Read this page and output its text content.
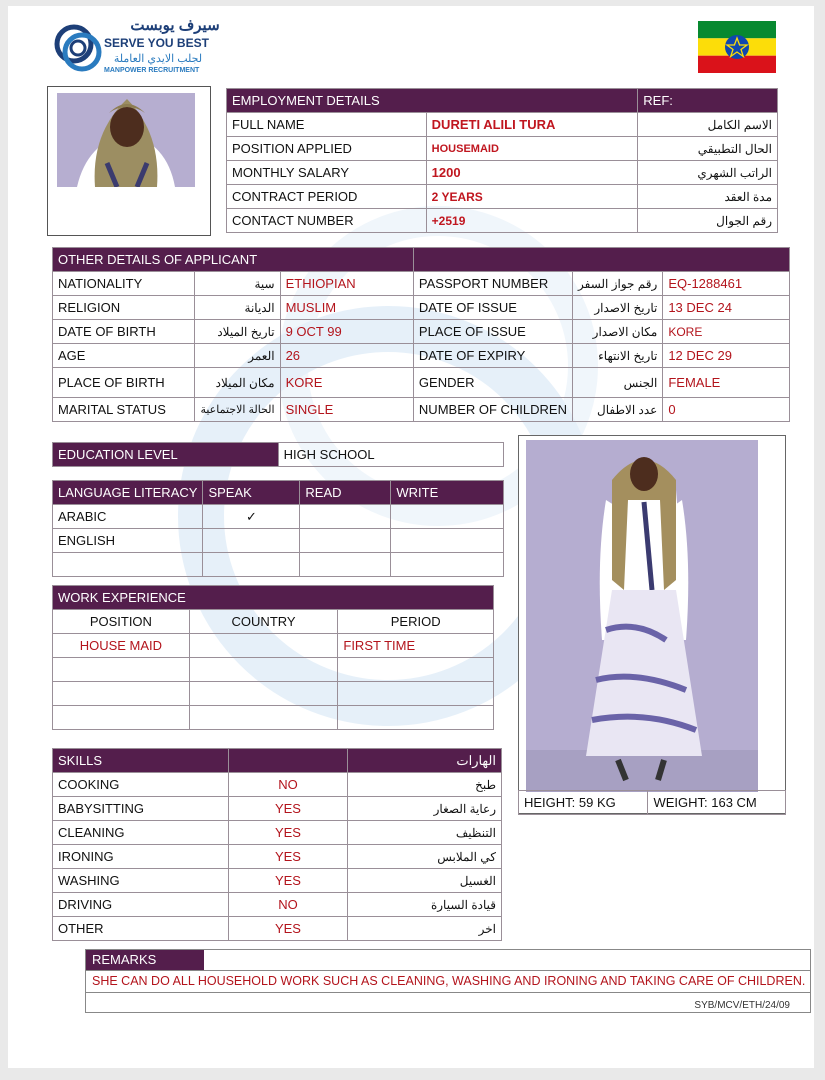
سيرف يوبست
SERVE YOU BEST
لجلب الايدي العاملة
MANPOWER RECRUITMENT
EMPLOYMENT DETAILS		REF:
FULL NAME	DURETI ALILI TURA	الاسم الكامل
POSITION APPLIED	HOUSEMAID	الحال التطبيقي
MONTHLY SALARY	1200	الراتب الشهري
CONTRACT PERIOD	2 YEARS	مدة العقد
CONTACT NUMBER	+2519	رقم الجوال
OTHER DETAILS OF APPLICANT					
NATIONALITY	سية	ETHIOPIAN	PASSPORT NUMBER	رقم جواز السفر	EQ-1288461
RELIGION	الديانة	MUSLIM	DATE OF ISSUE	تاريخ الاصدار	13 DEC 24
DATE OF BIRTH	تاريخ الميلاد	9 OCT 99	PLACE OF ISSUE	مكان الاصدار	KORE
AGE	العمر	26	DATE OF EXPIRY	تاريخ الانتهاء	12 DEC 29
PLACE OF BIRTH	مكان الميلاد	KORE	GENDER	الجنس	FEMALE
MARITAL STATUS	الحالة الاجتماعية	SINGLE	NUMBER OF CHILDREN	عدد الاطفال	0
EDUCATION LEVEL	HIGH SCHOOL
LANGUAGE LITERACY	SPEAK	READ	WRITE
ARABIC	✓		
ENGLISH			

WORK EXPERIENCE		
POSITION	COUNTRY	PERIOD
HOUSE MAID		FIRST TIME

HEIGHT: 59 KG	WEIGHT: 163 CM
SKILLS		الهارات
COOKING	NO	طبخ
BABYSITTING	YES	رعاية الصغار
CLEANING	YES	التنظيف
IRONING	YES	كي الملابس
WASHING	YES	الغسيل
DRIVING	NO	قيادة السيارة
OTHER	YES	اخر
REMARKS
SHE CAN DO ALL HOUSEHOLD WORK SUCH AS CLEANING, WASHING AND IRONING AND TAKING CARE OF CHILDREN.
SYB/MCV/ETH/24/09
